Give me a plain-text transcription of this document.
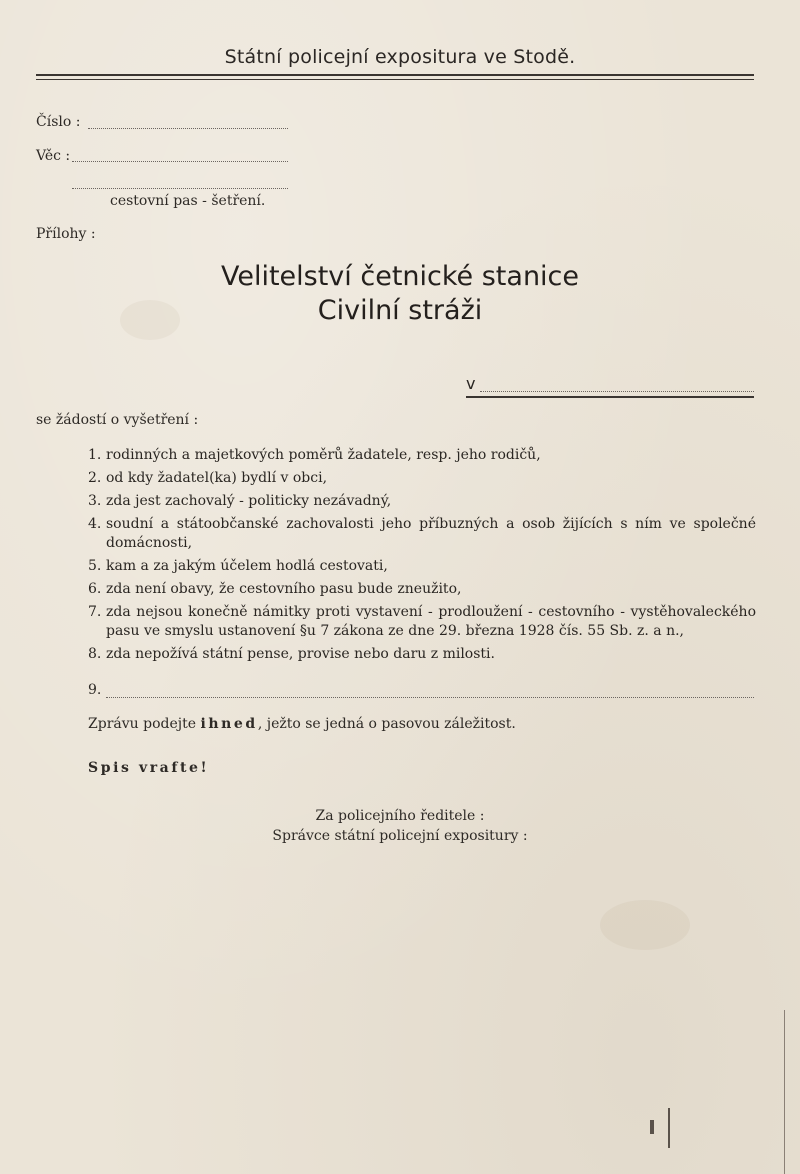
Státní policejní expositura ve Stodě.
Číslo :
Věc :
cestovní pas - šetření.
Přílohy :
Velitelství četnické stanice
Civilní stráži
v
se žádostí o vyšetření :
1. rodinných a majetkových poměrů žadatele, resp. jeho rodičů,
2. od kdy žadatel(ka) bydlí v obci,
3. zda jest zachovalý - politicky nezávadný,
4. soudní a státoobčanské zachovalosti jeho příbuzných a osob žijících s ním ve společné domácnosti,
5. kam a za jakým účelem hodlá cestovati,
6. zda není obavy, že cestovního pasu bude zneužito,
7. zda nejsou konečně námitky proti vystavení - prodloužení - cestovního - vystěhovaleckého pasu ve smyslu ustanovení §u 7 zákona ze dne 29. března 1928 čís. 55 Sb. z. a n.,
8. zda nepožívá státní pense, provise nebo daru z milosti.
9.
Zprávu podejte ihned, ježto se jedná o pasovou záležitost.
Spis vrafte!
Za policejního ředitele :
Správce státní policejní expositury :
